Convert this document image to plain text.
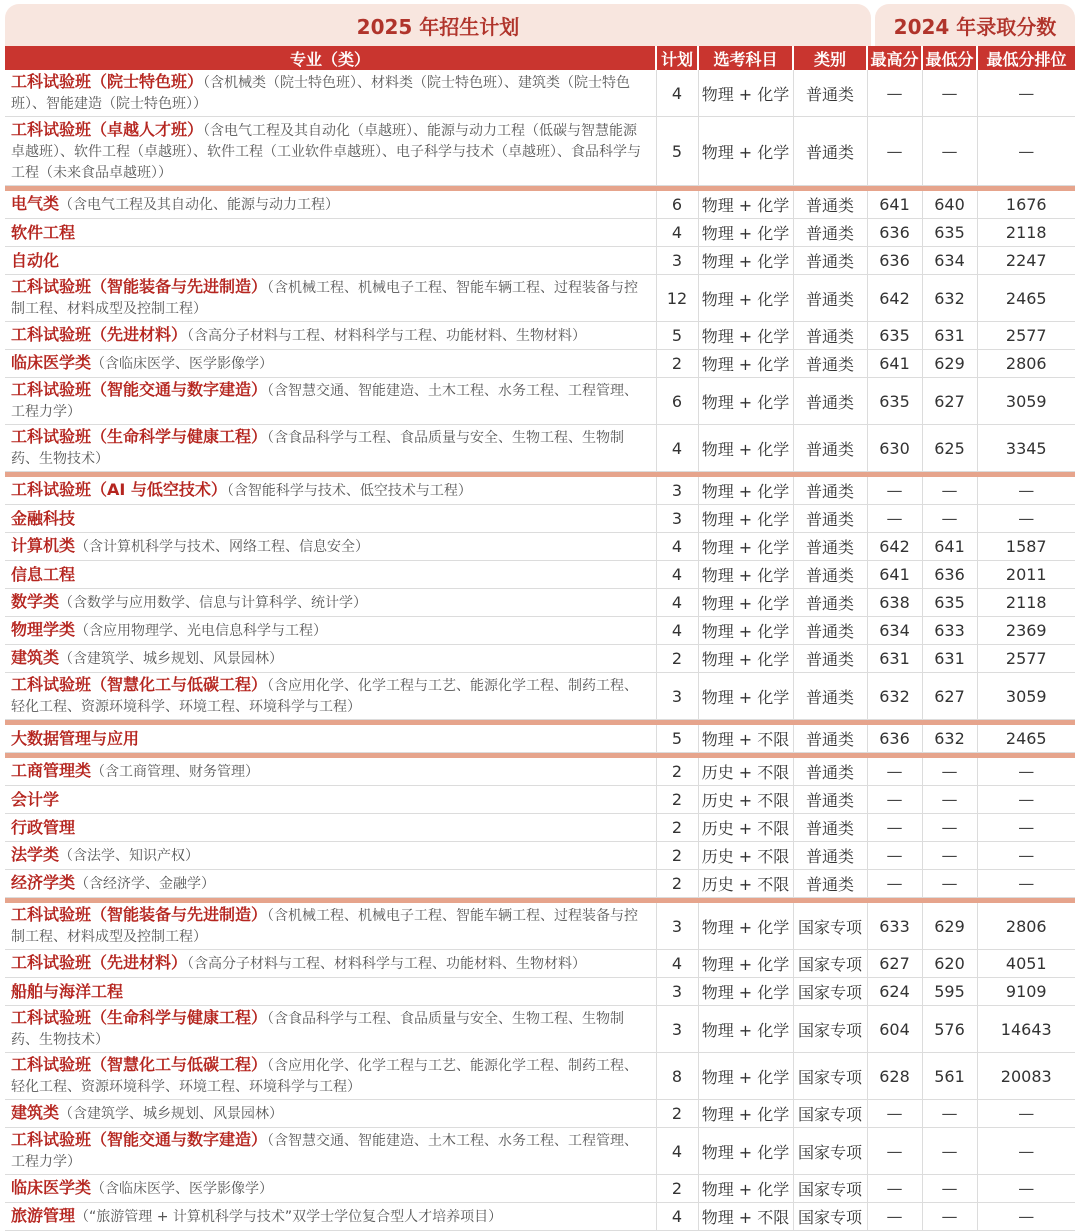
2025 年招生计划	2024 年录取分数
专业（类）	计划	选考科目	类别	最高分	最低分	最低分排位
工科试验班（院士特色班）（含机械类（院士特色班）、材料类（院士特色班）、建筑类（院士特色班）、智能建造（院士特色班））	4	物理 + 化学	普通类	—	—	—
工科试验班（卓越人才班）（含电气工程及其自动化（卓越班）、能源与动力工程（低碳与智慧能源卓越班）、软件工程（卓越班）、软件工程（工业软件卓越班）、电子科学与技术（卓越班）、食品科学与工程（未来食品卓越班））	5	物理 + 化学	普通类	—	—	—

电气类（含电气工程及其自动化、能源与动力工程）	6	物理 + 化学	普通类	641	640	1676
软件工程	4	物理 + 化学	普通类	636	635	2118
自动化	3	物理 + 化学	普通类	636	634	2247
工科试验班（智能装备与先进制造）（含机械工程、机械电子工程、智能车辆工程、过程装备与控制工程、材料成型及控制工程）	12	物理 + 化学	普通类	642	632	2465
工科试验班（先进材料）（含高分子材料与工程、材料科学与工程、功能材料、生物材料）	5	物理 + 化学	普通类	635	631	2577
临床医学类（含临床医学、医学影像学）	2	物理 + 化学	普通类	641	629	2806
工科试验班（智能交通与数字建造）（含智慧交通、智能建造、土木工程、水务工程、工程管理、工程力学）	6	物理 + 化学	普通类	635	627	3059
工科试验班（生命科学与健康工程）（含食品科学与工程、食品质量与安全、生物工程、生物制药、生物技术）	4	物理 + 化学	普通类	630	625	3345

工科试验班（AI 与低空技术）（含智能科学与技术、低空技术与工程）	3	物理 + 化学	普通类	—	—	—
金融科技	3	物理 + 化学	普通类	—	—	—
计算机类（含计算机科学与技术、网络工程、信息安全）	4	物理 + 化学	普通类	642	641	1587
信息工程	4	物理 + 化学	普通类	641	636	2011
数学类（含数学与应用数学、信息与计算科学、统计学）	4	物理 + 化学	普通类	638	635	2118
物理学类（含应用物理学、光电信息科学与工程）	4	物理 + 化学	普通类	634	633	2369
建筑类（含建筑学、城乡规划、风景园林）	2	物理 + 化学	普通类	631	631	2577
工科试验班（智慧化工与低碳工程）（含应用化学、化学工程与工艺、能源化学工程、制药工程、轻化工程、资源环境科学、环境工程、环境科学与工程）	3	物理 + 化学	普通类	632	627	3059

大数据管理与应用	5	物理 + 不限	普通类	636	632	2465

工商管理类（含工商管理、财务管理）	2	历史 + 不限	普通类	—	—	—
会计学	2	历史 + 不限	普通类	—	—	—
行政管理	2	历史 + 不限	普通类	—	—	—
法学类（含法学、知识产权）	2	历史 + 不限	普通类	—	—	—
经济学类（含经济学、金融学）	2	历史 + 不限	普通类	—	—	—

工科试验班（智能装备与先进制造）（含机械工程、机械电子工程、智能车辆工程、过程装备与控制工程、材料成型及控制工程）	3	物理 + 化学	国家专项	633	629	2806
工科试验班（先进材料）（含高分子材料与工程、材料科学与工程、功能材料、生物材料）	4	物理 + 化学	国家专项	627	620	4051
船舶与海洋工程	3	物理 + 化学	国家专项	624	595	9109
工科试验班（生命科学与健康工程）（含食品科学与工程、食品质量与安全、生物工程、生物制药、生物技术）	3	物理 + 化学	国家专项	604	576	14643
工科试验班（智慧化工与低碳工程）（含应用化学、化学工程与工艺、能源化学工程、制药工程、轻化工程、资源环境科学、环境工程、环境科学与工程）	8	物理 + 化学	国家专项	628	561	20083
建筑类（含建筑学、城乡规划、风景园林）	2	物理 + 化学	国家专项	—	—	—
工科试验班（智能交通与数字建造）（含智慧交通、智能建造、土木工程、水务工程、工程管理、工程力学）	4	物理 + 化学	国家专项	—	—	—
临床医学类（含临床医学、医学影像学）	2	物理 + 化学	国家专项	—	—	—
旅游管理（“旅游管理 + 计算机科学与技术”双学士学位复合型人才培养项目）	4	物理 + 不限	国家专项	—	—	—
